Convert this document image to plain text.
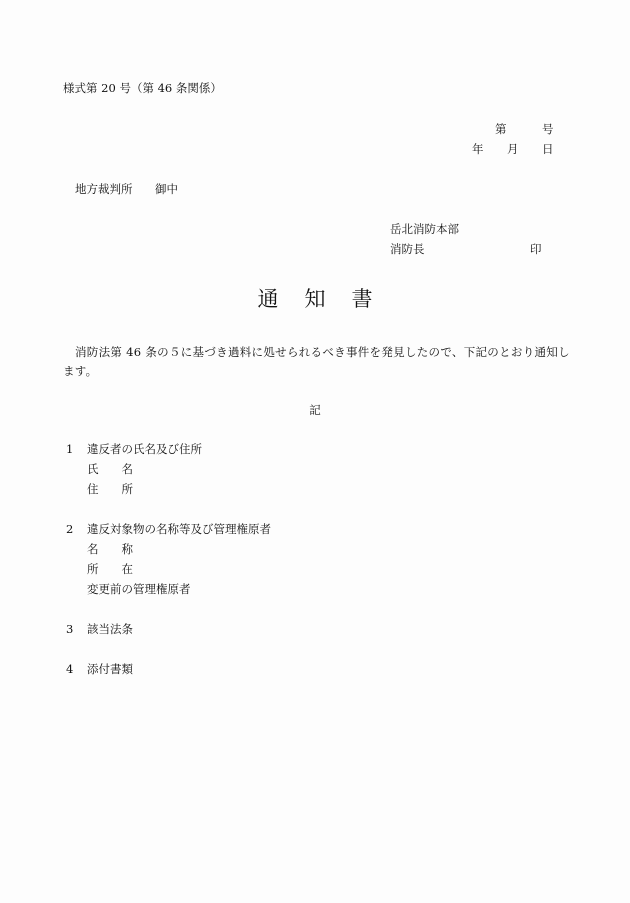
様式第 20 号（第 46 条関係）
第	号
年 月 日
地方裁判所 御中
岳北消防本部
消防長	印
通 知 書
消防法第 46 条の５に基づき過料に処せられるべき事件を発見したので、下記のとおり通知します。
記
1 違反者の氏名及び住所
氏　　名
住　　所
2 違反対象物の名称等及び管理権原者
名　　称
所　　在
変更前の管理権原者
3 該当法条
4 添付書類
